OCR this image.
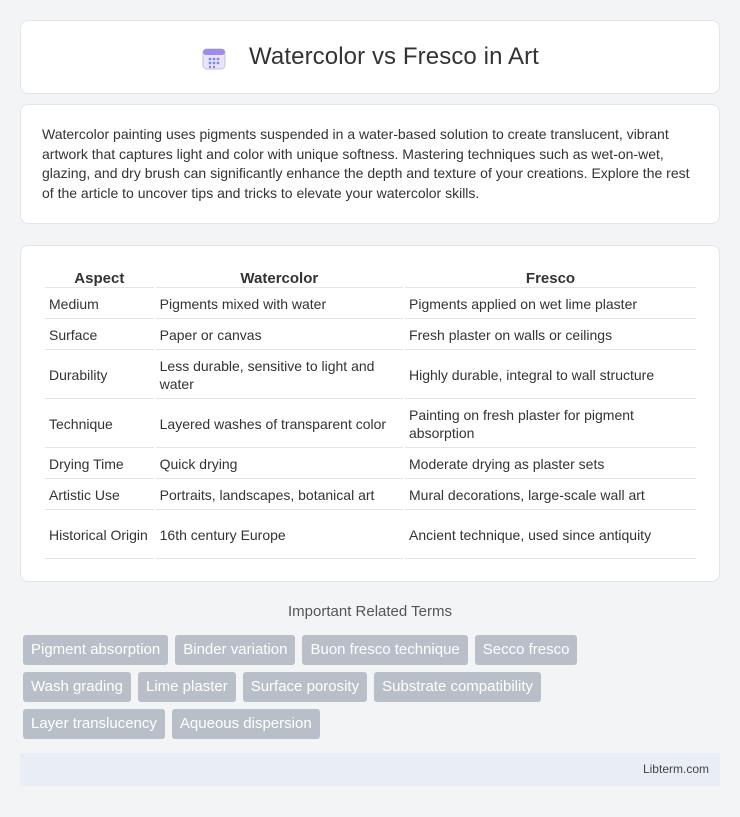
Watercolor vs Fresco in Art

Watercolor painting uses pigments suspended in a water-based solution to create translucent, vibrant artwork that captures light and color with unique softness. Mastering techniques such as wet-on-wet, glazing, and dry brush can significantly enhance the depth and texture of your creations. Explore the rest of the article to uncover tips and tricks to elevate your watercolor skills.

Aspect	Watercolor	Fresco
Medium	Pigments mixed with water	Pigments applied on wet lime plaster
Surface	Paper or canvas	Fresh plaster on walls or ceilings
Durability	Less durable, sensitive to light and water	Highly durable, integral to wall structure
Technique	Layered washes of transparent color	Painting on fresh plaster for pigment absorption
Drying Time	Quick drying	Moderate drying as plaster sets
Artistic Use	Portraits, landscapes, botanical art	Mural decorations, large-scale wall art
Historical Origin	16th century Europe	Ancient technique, used since antiquity
Important Related Terms
Pigment absorption	Binder variation	Buon fresco technique	Secco fresco
Wash grading	Lime plaster	Surface porosity	Substrate compatibility
Layer translucency	Aqueous dispersion
Libterm.com
